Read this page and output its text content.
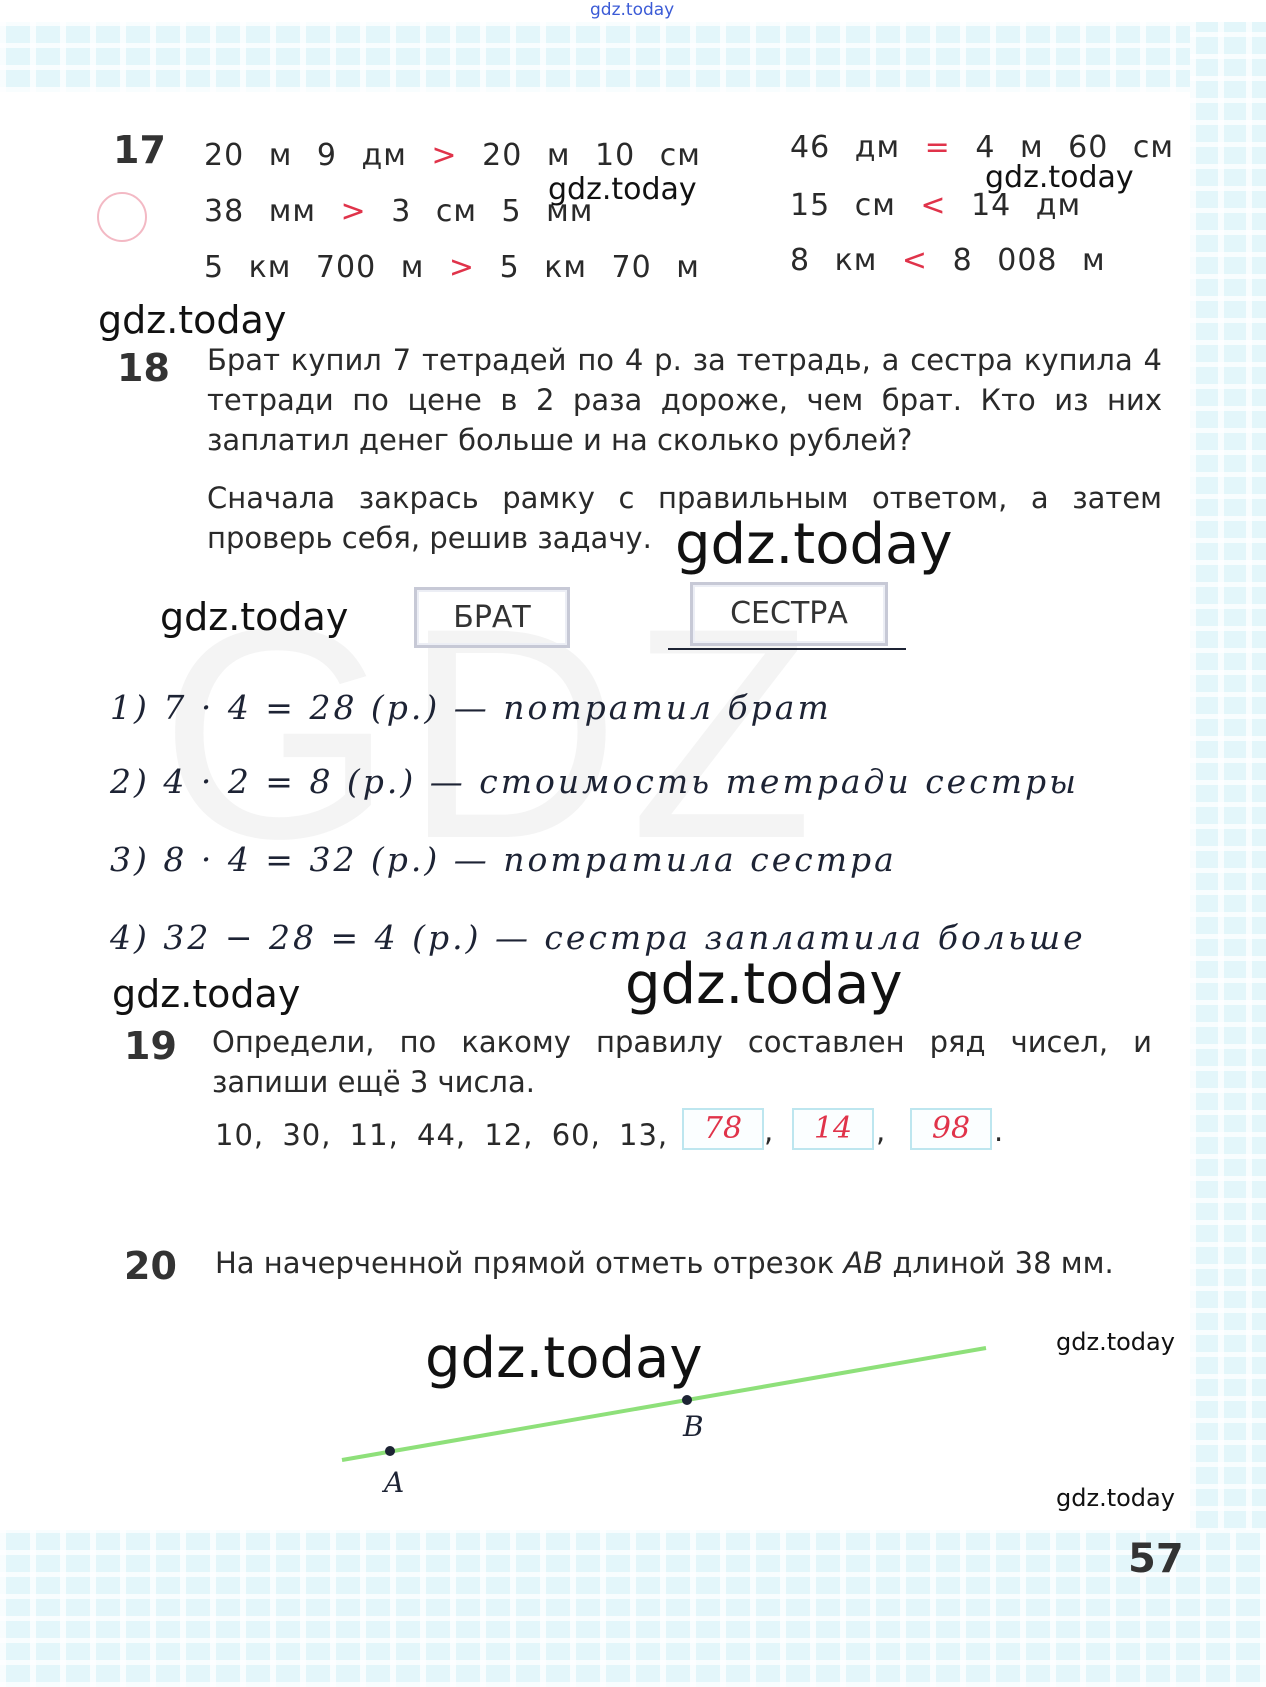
gdz.today
17 20 м 9 дм > 20 м 10 см
38 мм > 3 см 5 мм
5 км 700 м > 5 км 70 м
46 дм = 4 м 60 см
15 см < 14 дм
8 км < 8 008 м
gdz.today	gdz.today
gdz.today
18 Брат купил 7 тетрадей по 4 р. за тетрадь, а сестра купила 4 тетради по цене в 2 раза дороже, чем брат. Кто из них заплатил денег больше и на сколько рублей?
Сначала закрась рамку с правильным ответом, а затем проверь себя, решив задачу. gdz.today
gdz.today	БРАТ	СЕСТРА
1) 7 · 4 = 28 (р.) — потратил брат
2) 4 · 2 = 8 (р.) — стоимость тетради сестры
3) 8 · 4 = 32 (р.) — потратила сестра
4) 32 − 28 = 4 (р.) — сестра заплатила больше
gdz.today	gdz.today
19 Определи, по какому правилу составлен ряд чисел, и запиши ещё 3 числа.
10, 30, 11, 44, 12, 60, 13,	78 ,	14 ,	98 .
20 На начерченной прямой отметь отрезок AB длиной 38 мм.
gdz.today
gdz.today
A
B
gdz.today
57
